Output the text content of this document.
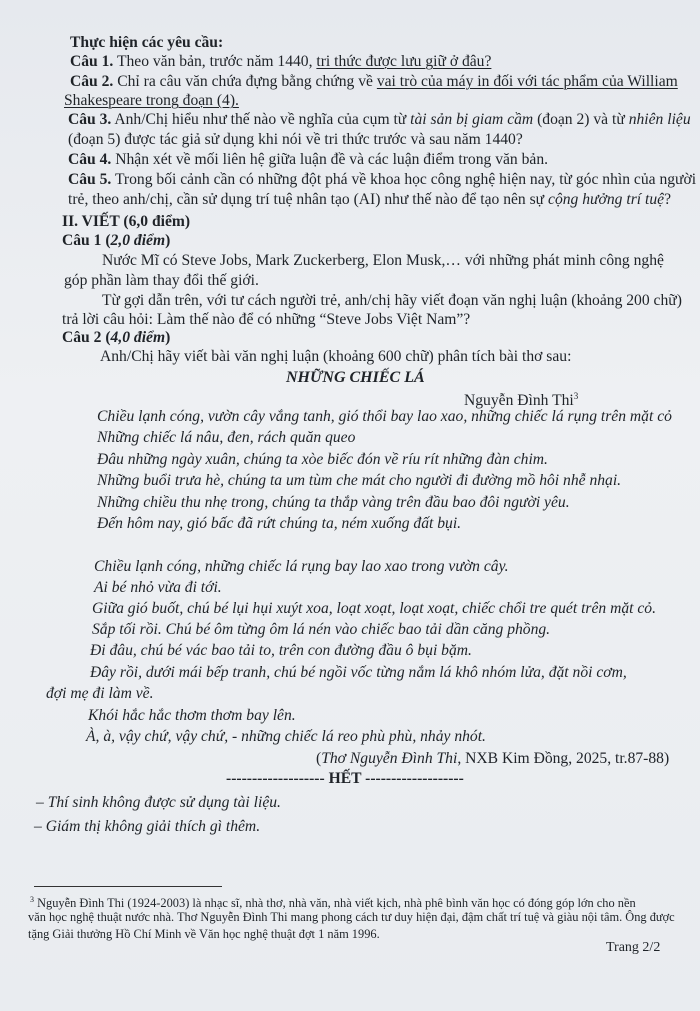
Thực hiện các yêu cầu:
Câu 1. Theo văn bản, trước năm 1440, tri thức được lưu giữ ở đâu?
Câu 2. Chỉ ra câu văn chứa đựng bằng chứng về vai trò của máy in đối với tác phẩm của William
Shakespeare trong đoạn (4).
Câu 3. Anh/Chị hiểu như thế nào về nghĩa của cụm từ tài sản bị giam cầm (đoạn 2) và từ nhiên liệu
(đoạn 5) được tác giả sử dụng khi nói về tri thức trước và sau năm 1440?
Câu 4. Nhận xét về mối liên hệ giữa luận đề và các luận điểm trong văn bản.
Câu 5. Trong bối cảnh cần có những đột phá về khoa học công nghệ hiện nay, từ góc nhìn của người
trẻ, theo anh/chị, cần sử dụng trí tuệ nhân tạo (AI) như thế nào để tạo nên sự cộng hưởng trí tuệ?
II. VIẾT (6,0 điểm)
Câu 1 (2,0 điểm)
Nước Mĩ có Steve Jobs, Mark Zuckerberg, Elon Musk,… với những phát minh công nghệ
góp phần làm thay đổi thế giới.
Từ gợi dẫn trên, với tư cách người trẻ, anh/chị hãy viết đoạn văn nghị luận (khoảng 200 chữ)
trả lời câu hỏi: Làm thế nào để có những “Steve Jobs Việt Nam”?
Câu 2 (4,0 điểm)
Anh/Chị hãy viết bài văn nghị luận (khoảng 600 chữ) phân tích bài thơ sau:
NHỮNG CHIẾC LÁ
Nguyễn Đình Thi$^3$
Chiều lạnh cóng, vườn cây vắng tanh, gió thổi bay lao xao, những chiếc lá rụng trên mặt cỏ
Những chiếc lá nâu, đen, rách quăn queo
Đâu những ngày xuân, chúng ta xòe biếc đón về ríu rít những đàn chim.
Những buổi trưa hè, chúng ta um tùm che mát cho người đi đường mồ hôi nhễ nhại.
Những chiều thu nhẹ trong, chúng ta thắp vàng trên đầu bao đôi người yêu.
Đến hôm nay, gió bấc đã rứt chúng ta, ném xuống đất bụi.
Chiều lạnh cóng, những chiếc lá rụng bay lao xao trong vườn cây.
Ai bé nhỏ vừa đi tới.
Giữa gió buốt, chú bé lụi hụi xuýt xoa, loạt xoạt, loạt xoạt, chiếc chổi tre quét trên mặt cỏ.
Sắp tối rồi. Chú bé ôm từng ôm lá nén vào chiếc bao tải dần căng phồng.
Đi đâu, chú bé vác bao tải to, trên con đường đầu ô bụi bặm.
Đây rồi, dưới mái bếp tranh, chú bé ngồi vốc từng nắm lá khô nhóm lửa, đặt nồi cơm,
đợi mẹ đi làm về.
Khói hắc hắc thơm thơm bay lên.
À, à, vậy chứ, vậy chứ, - những chiếc lá reo phù phù, nhảy nhót.
(Thơ Nguyễn Đình Thi, NXB Kim Đồng, 2025, tr.87-88)
------------------- HẾT -------------------
– Thí sinh không được sử dụng tài liệu.
– Giám thị không giải thích gì thêm.
$^3$ Nguyễn Đình Thi (1924-2003) là nhạc sĩ, nhà thơ, nhà văn, nhà viết kịch, nhà phê bình văn học có đóng góp lớn cho nền
văn học nghệ thuật nước nhà. Thơ Nguyễn Đình Thi mang phong cách tư duy hiện đại, đậm chất trí tuệ và giàu nội tâm. Ông được
tặng Giải thưởng Hồ Chí Minh về Văn học nghệ thuật đợt 1 năm 1996.
Trang 2/2
